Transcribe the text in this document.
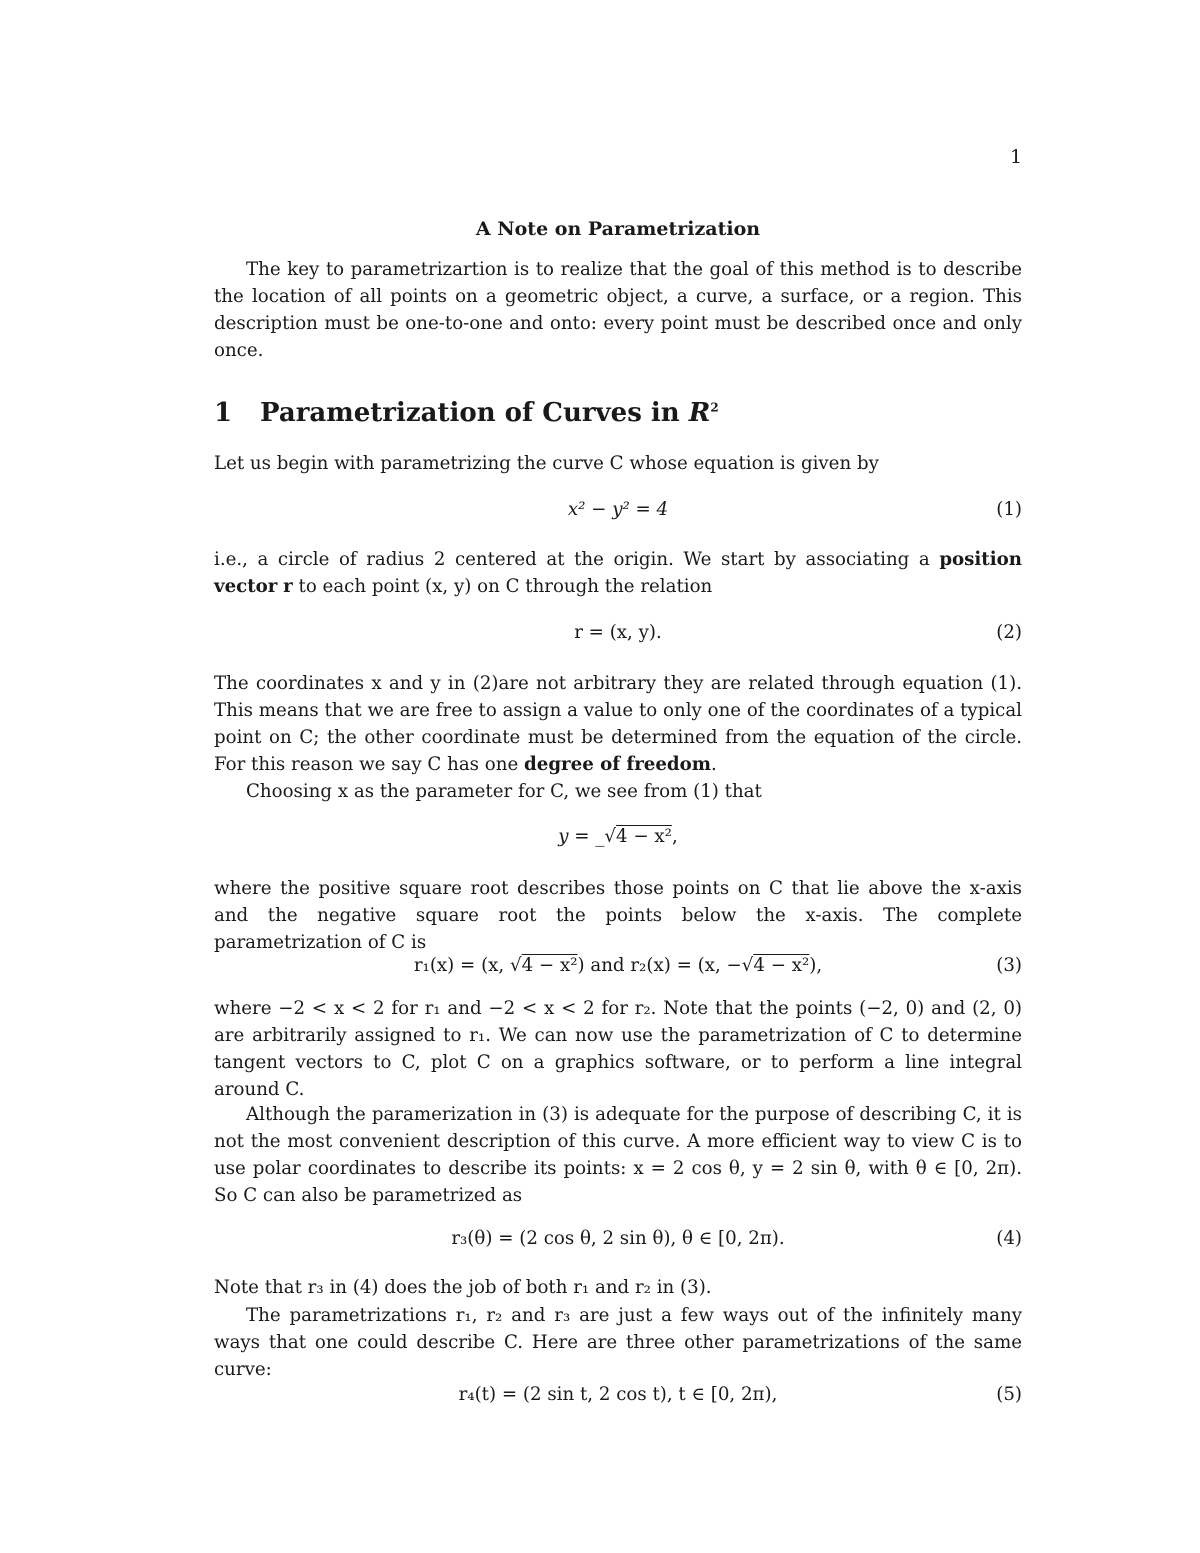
1
A Note on Parametrization

The key to parametrizartion is to realize that the goal of this method is to describe the location of all points on a geometric object, a curve, a surface, or a region. This description must be one-to-one and onto: every point must be described once and only once.

1 Parametrization of Curves in $R^2$

Let us begin with parametrizing the curve C whose equation is given by

x² − y² = 4	(1)

i.e., a circle of radius 2 centered at the origin. We start by associating a position vector r to each point (x, y) on C through the relation

r = (x, y).	(2)

The coordinates x and y in (2)are not arbitrary they are related through equation (1). This means that we are free to assign a value to only one of the coordinates of a typical point on C; the other coordinate must be determined from the equation of the circle. For this reason we say C has one degree of freedom.

Choosing x as the parameter for C, we see from (1) that

y = _√4 − x²,

where the positive square root describes those points on C that lie above the x-axis and the negative square root the points below the x-axis. The complete parametrization of C is

r₁(x) = (x, √4 − x²) and r₂(x) = (x, −√4 − x²),	(3)

where −2 < x < 2 for r₁ and −2 < x < 2 for r₂. Note that the points (−2, 0) and (2, 0) are arbitrarily assigned to r₁. We can now use the parametrization of C to determine tangent vectors to C, plot C on a graphics software, or to perform a line integral around C.

Although the paramerization in (3) is adequate for the purpose of describing C, it is not the most convenient description of this curve. A more efficient way to view C is to use polar coordinates to describe its points: x = 2 cos θ, y = 2 sin θ, with θ ∈ [0, 2π). So C can also be parametrized as

r₃(θ) = (2 cos θ, 2 sin θ), θ ∈ [0, 2π).	(4)

Note that r₃ in (4) does the job of both r₁ and r₂ in (3).

The parametrizations r₁, r₂ and r₃ are just a few ways out of the infinitely many ways that one could describe C. Here are three other parametrizations of the same curve:

r₄(t) = (2 sin t, 2 cos t), t ∈ [0, 2π),	(5)
